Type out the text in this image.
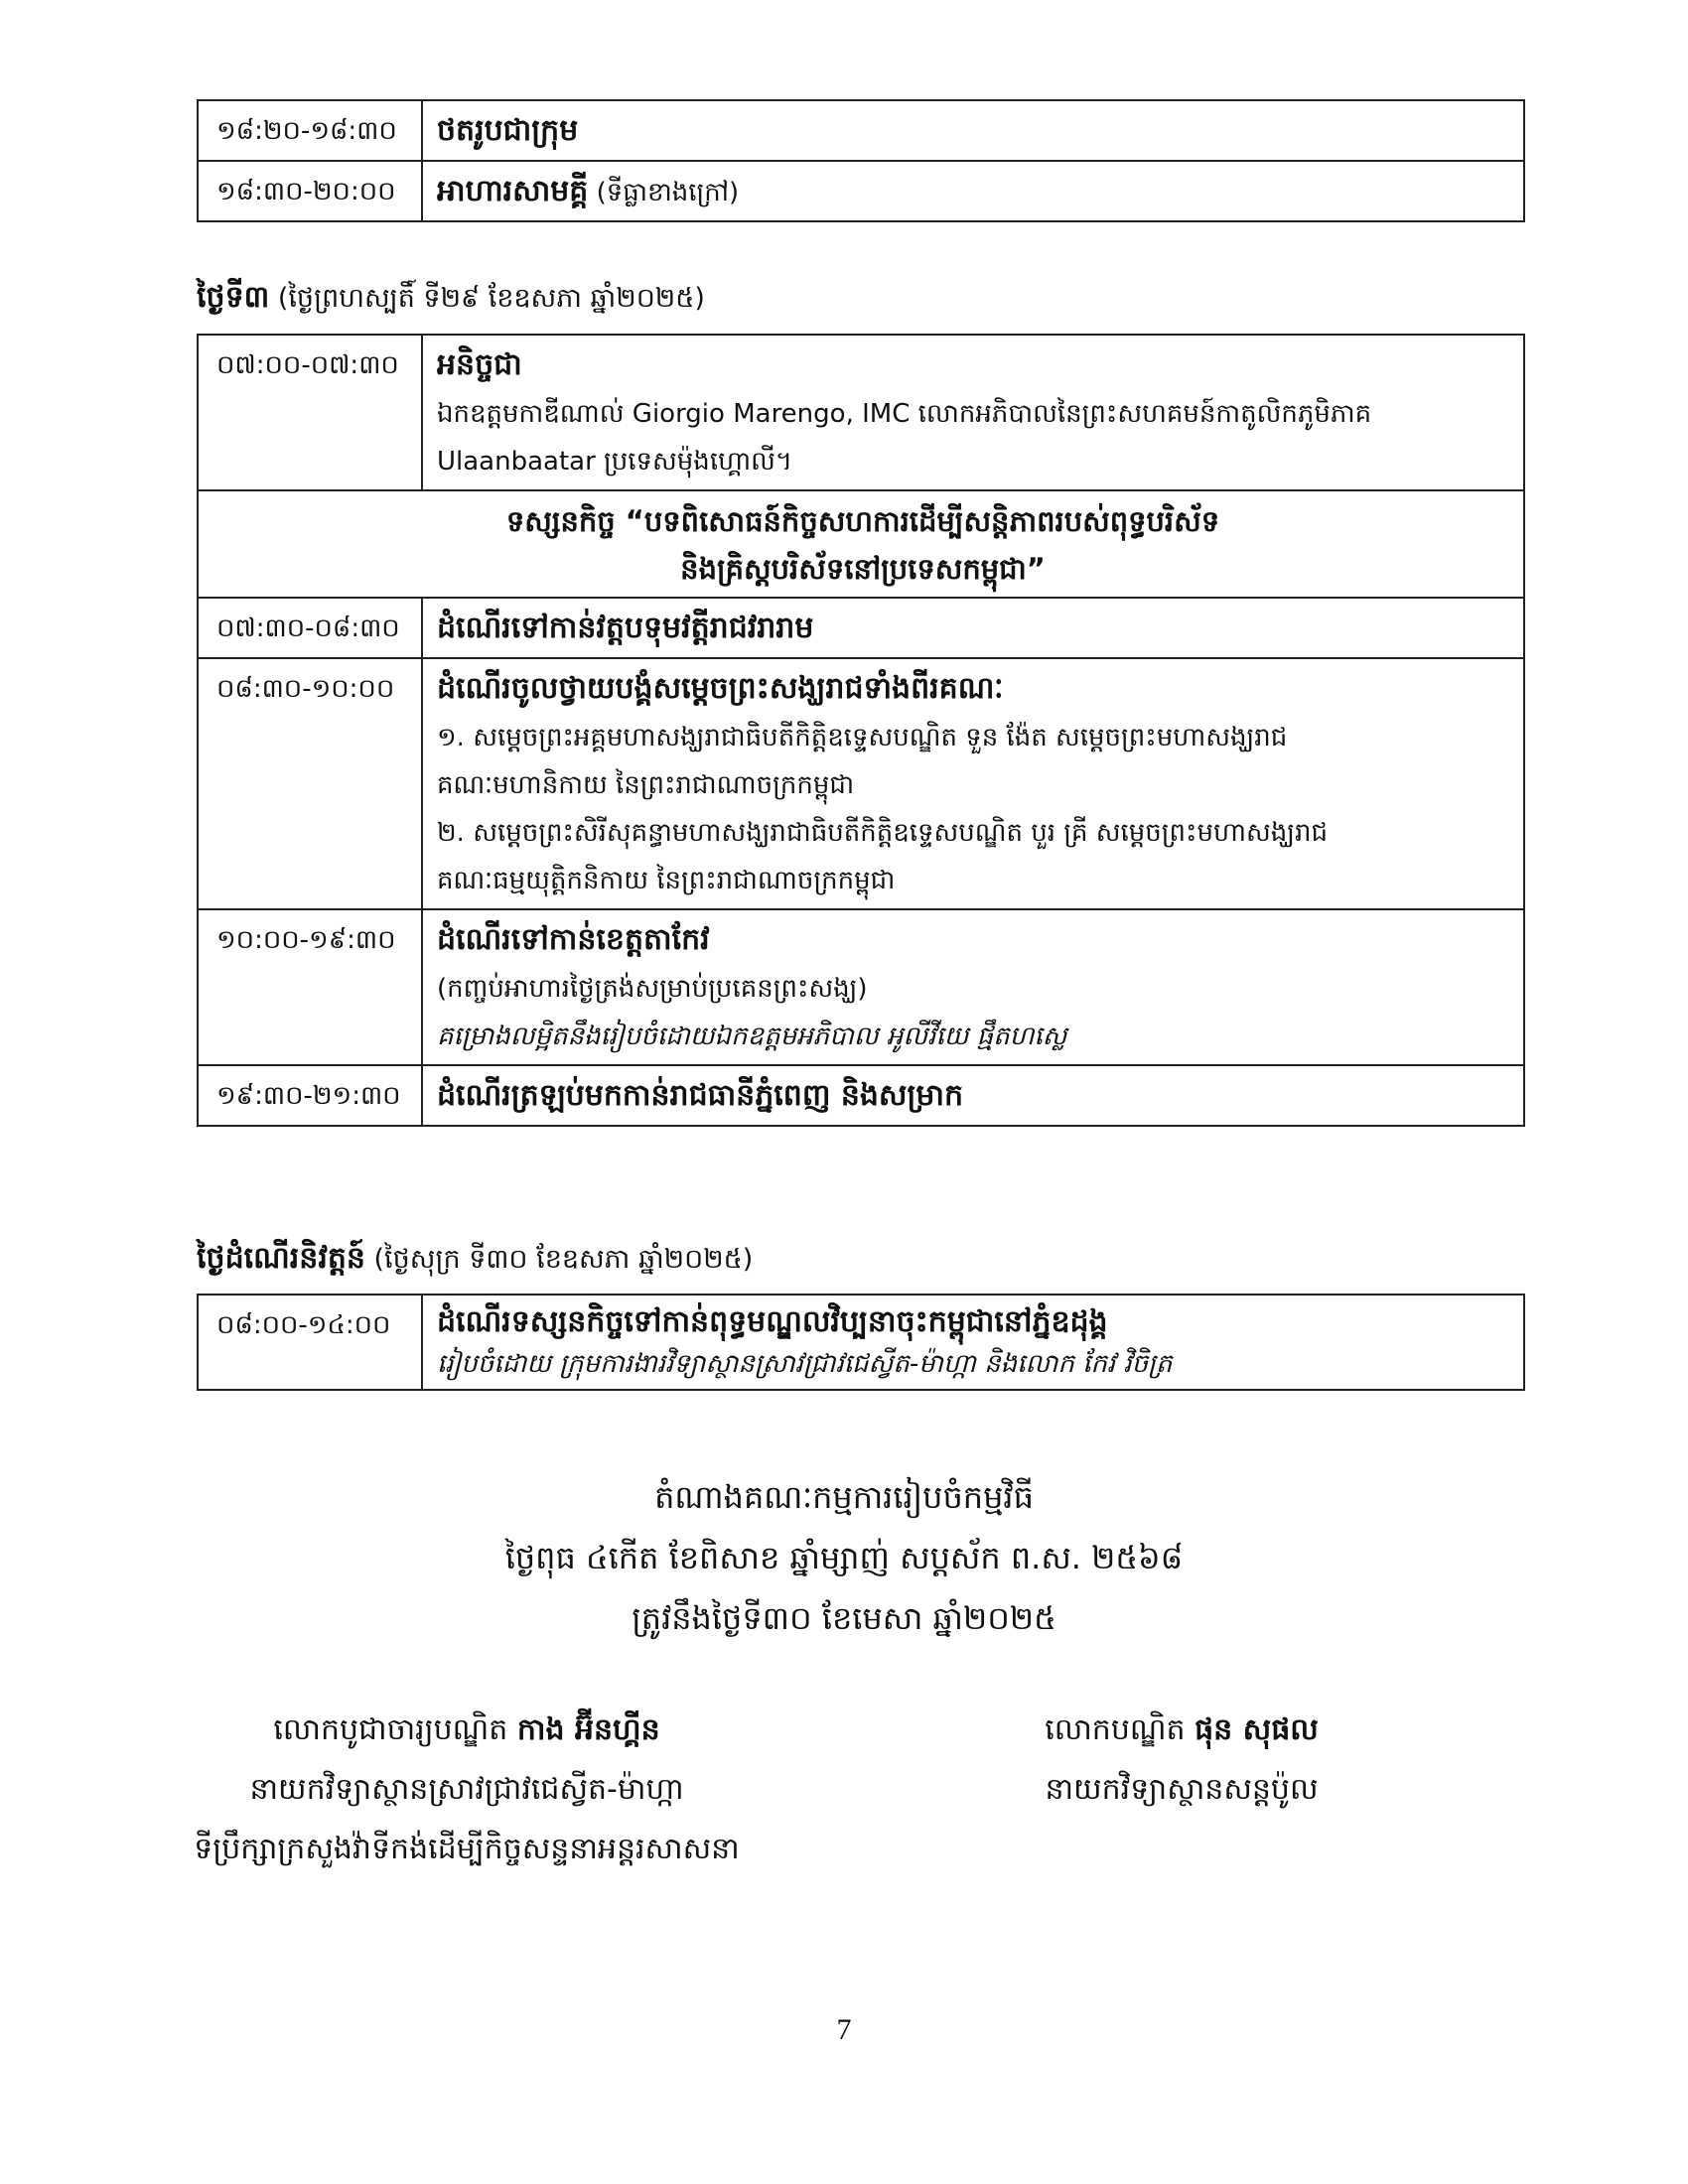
១៨:២០-១៨:៣០	ថតរូបជាក្រុម
១៨:៣០-២០:០០	អាហារសាមគ្គី (ទីធ្លាខាងក្រៅ)
ថ្ងៃទី៣ (ថ្ងៃព្រហស្បតិ៍ ទី២៩ ខែឧសភា ឆ្នាំ២០២៥)
០៧:០០-០៧:៣០	អនិច្ចជា
ឯកឧត្តមកាឌីណាល់ Giorgio Marengo, IMC លោកអភិបាលនៃព្រះសហគមន៍កាតូលិកភូមិភាគ
Ulaanbaatar ប្រទេសម៉ុងហ្គោលី។

ទស្សនកិច្ច “បទពិសោធន៍កិច្ចសហការដើម្បីសន្តិភាពរបស់ពុទ្ធបរិស័ទ
និងគ្រិស្តបរិស័ទនៅប្រទេសកម្ពុជា”	

០៧:៣០-០៨:៣០	ដំណើរទៅកាន់វត្តបទុមវត្តីរាជវរារាម
០៨:៣០-១០:០០	ដំណើរចូលថ្វាយបង្គំសម្តេចព្រះសង្ឃរាជទាំងពីរគណៈ
១. សម្តេចព្រះអគ្គមហាសង្ឃរាជាធិបតីកិត្តិឧទ្ទេសបណ្ឌិត ទួន ង៉ែត សម្តេចព្រះមហាសង្ឃរាជ
គណៈមហានិកាយ នៃព្រះរាជាណាចក្រកម្ពុជា
២. សម្តេចព្រះសិរីសុគន្ធាមហាសង្ឃរាជាធិបតីកិត្តិឧទ្ទេសបណ្ឌិត បួរ គ្រី សម្តេចព្រះមហាសង្ឃរាជ
គណៈធម្មយុត្តិកនិកាយ នៃព្រះរាជាណាចក្រកម្ពុជា

១០:០០-១៩:៣០	ដំណើរទៅកាន់ខេត្តតាកែវ
(កញ្ចប់អាហារថ្ងៃត្រង់សម្រាប់ប្រគេនព្រះសង្ឃ)
គម្រោងលម្អិតនឹងរៀបចំដោយឯកឧត្តមអភិបាល អូលីវីយេ ផ្មឹតហស្លេ

១៩:៣០-២១:៣០	ដំណើរត្រឡប់មកកាន់រាជធានីភ្នំពេញ និងសម្រាក
ថ្ងៃដំណើរនិវត្តន៍ (ថ្ងៃសុក្រ ទី៣០ ខែឧសភា ឆ្នាំ២០២៥)
០៨:០០-១៤:០០	ដំណើរទស្សនកិច្ចទៅកាន់ពុទ្ធមណ្ឌលវិប្បនាចុះកម្ពុជានៅភ្នំឧដុង្គ
រៀបចំដោយ ក្រុមការងារវិទ្យាស្ថានស្រាវជ្រាវជេស្វីត-ម៉ាហ្កា និងលោក កែវ វិចិត្រ
តំណាងគណៈកម្មការរៀបចំកម្មវិធី
ថ្ងៃពុធ ៤កើត ខែពិសាខ ឆ្នាំម្សាញ់ សប្តស័ក ព.ស. ២៥៦៨
ត្រូវនឹងថ្ងៃទី៣០ ខែមេសា ឆ្នាំ២០២៥
លោកបូជាចារ្យបណ្ឌិត កាង អ៊ីនហ្គីន
នាយកវិទ្យាស្ថានស្រាវជ្រាវជេស្វីត-ម៉ាហ្កា
ទីប្រឹក្សាក្រសួងវ៉ាទីកង់ដើម្បីកិច្ចសន្ទនាអន្តរសាសនា
លោកបណ្ឌិត ផុន សុផល
នាយកវិទ្យាស្ថានសន្តប៉ូល
7
